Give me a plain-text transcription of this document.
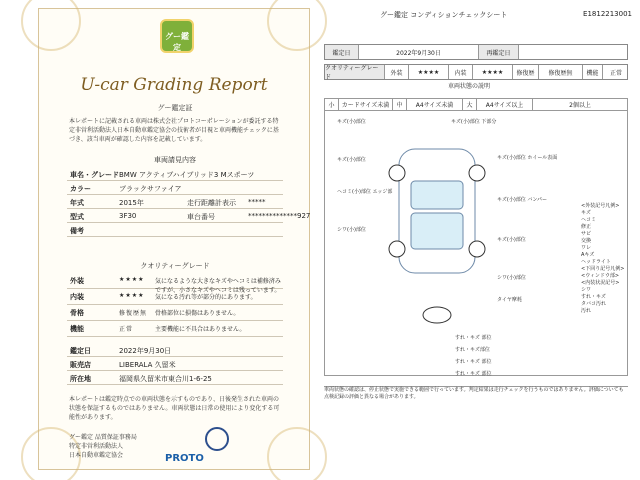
グー鑑定
U-car Grading Report
グー鑑定証
本レポートに記載される車両は株式会社プロトコーポレーションが委託する特定非営利活動法人日本自動車鑑定協会の技術者が目視と車両機能チェックに基づき、該当車両が確認した内容を記載しています。
車両請見内容
車名・グレード BMW アクティブハイブリッド3 Mスポーツ
カラー	ブラックサファイア
年式	2015年	走行距離計表示 *****
型式	3F30	車台番号	**************927
備考
クオリティーグレード
外装	★★★★ 気になるような大きなキズやヘコミは補修済みですが、小さなキズやヘコミは残っています。
内装	★★★★ 気になる汚れ等が部分的にあります。
骨格	修復歴無 骨格部位に損傷はありません。
機能	正常	主要機能に不具合はありません。
鑑定日	2022年9月30日
販売店	LIBERALA 久留米
所在地	福岡県久留米市東合川1-6-25
本レポートは鑑定時点での車両状態を示すものであり、日後発生された車両の状態を保証するものではありません。車両状態は日常の使用により変化する可能性があります。
グー鑑定 品質保証事務局
特定非営利活動法人
日本自動車鑑定協会	PROTO
グー鑑定 コンディションチェックシート	E1812213001
鑑定日	2022年9月30日	再鑑定日
クオリティーグレード
外装	★★★★	内装	★★★★	修復歴	修復歴無	機能	正常
車両状態の説明
小	カードサイズ未満	中	A4サイズ未満	大	A4サイズ以上	2個以上
キズ(小)部位	キズ(小)部位 下部分
キズ(小)部位
ヘコミ(小)部位 エッジ部
シワ(小)部位
キズ(小)部位 ホイール表面
キズ(小)部位 バンパー
キズ(小)部位
シワ(小)部位
タイヤ摩耗
すれ・キズ 部位
すれ・キズ部位
すれ・キズ 部位
すれ・キズ 部位
<外装記号凡例>
キズ
ヘコミ
修正
サビ
交換
ワレ
Aキズ
ヘッドライト
<下回り記号凡例>
<ウィンドウ部>
<内装状況記号>
シワ
すれ・キズ
タバコ汚れ
汚れ
車両状態の確認は、停止状態で実施できる範囲で行っています。判定結果は走行チェックを行うものではありません。評価についても点検記録の評価と異なる場合があります。
